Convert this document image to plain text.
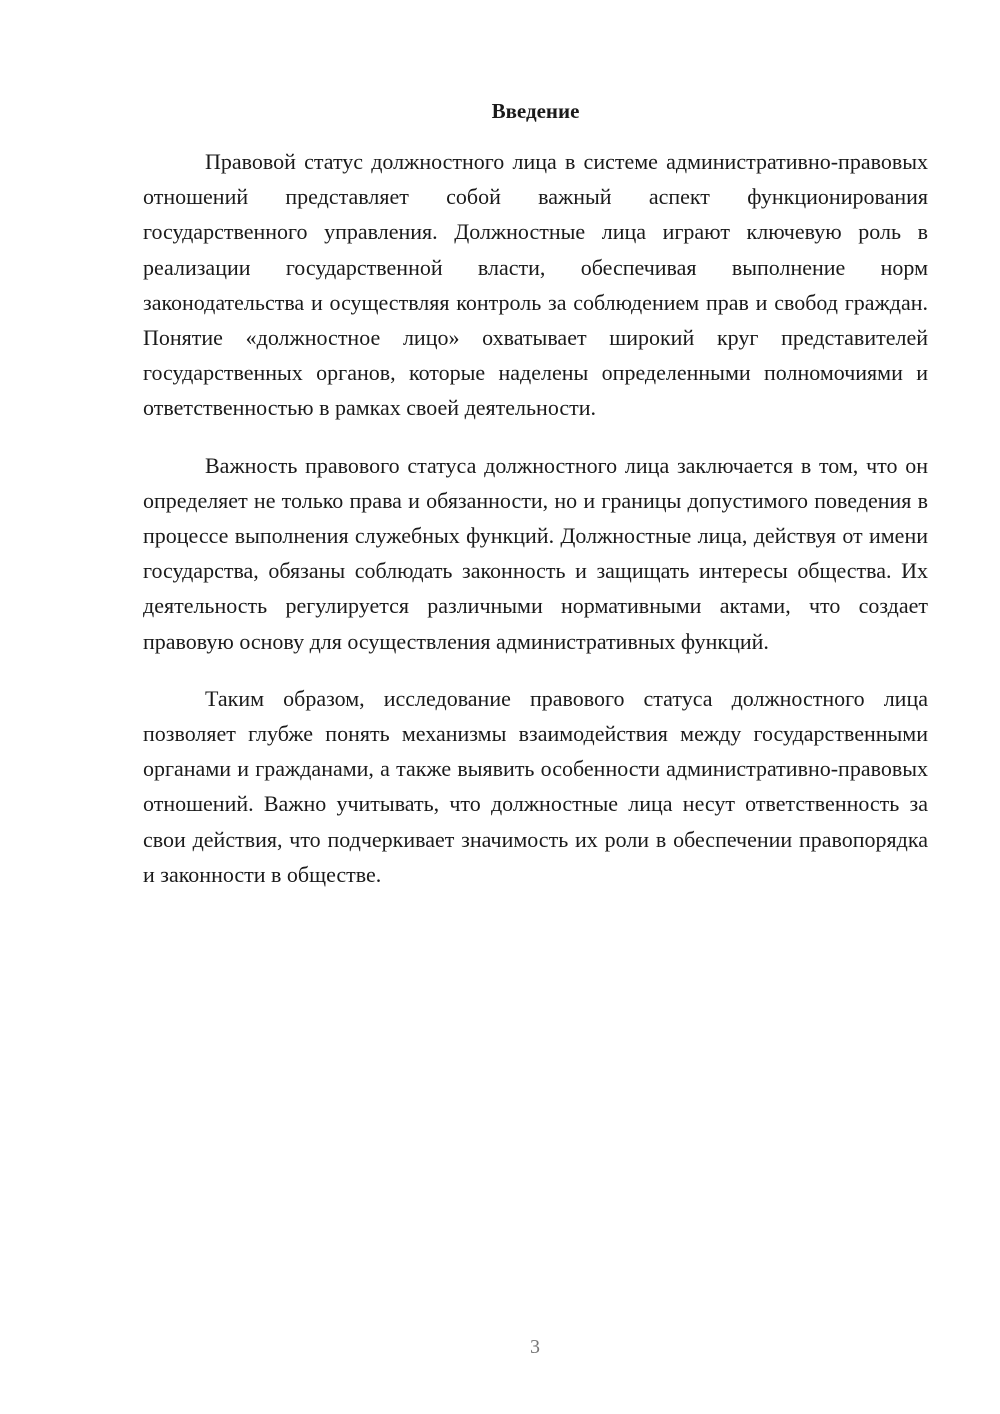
Введение

Правовой статус должностного лица в системе административно-правовых отношений представляет собой важный аспект функционирования государственного управления. Должностные лица играют ключевую роль в реализации государственной власти, обеспечивая выполнение норм законодательства и осуществляя контроль за соблюдением прав и свобод граждан. Понятие «должностное лицо» охватывает широкий круг представителей государственных органов, которые наделены определенными полномочиями и ответственностью в рамках своей деятельности.

Важность правового статуса должностного лица заключается в том, что он определяет не только права и обязанности, но и границы допустимого поведения в процессе выполнения служебных функций. Должностные лица, действуя от имени государства, обязаны соблюдать законность и защищать интересы общества. Их деятельность регулируется различными нормативными актами, что создает правовую основу для осуществления административных функций.

Таким образом, исследование правового статуса должностного лица позволяет глубже понять механизмы взаимодействия между государственными органами и гражданами, а также выявить особенности административно-правовых отношений. Важно учитывать, что должностные лица несут ответственность за свои действия, что подчеркивает значимость их роли в обеспечении правопорядка и законности в обществе.

3
